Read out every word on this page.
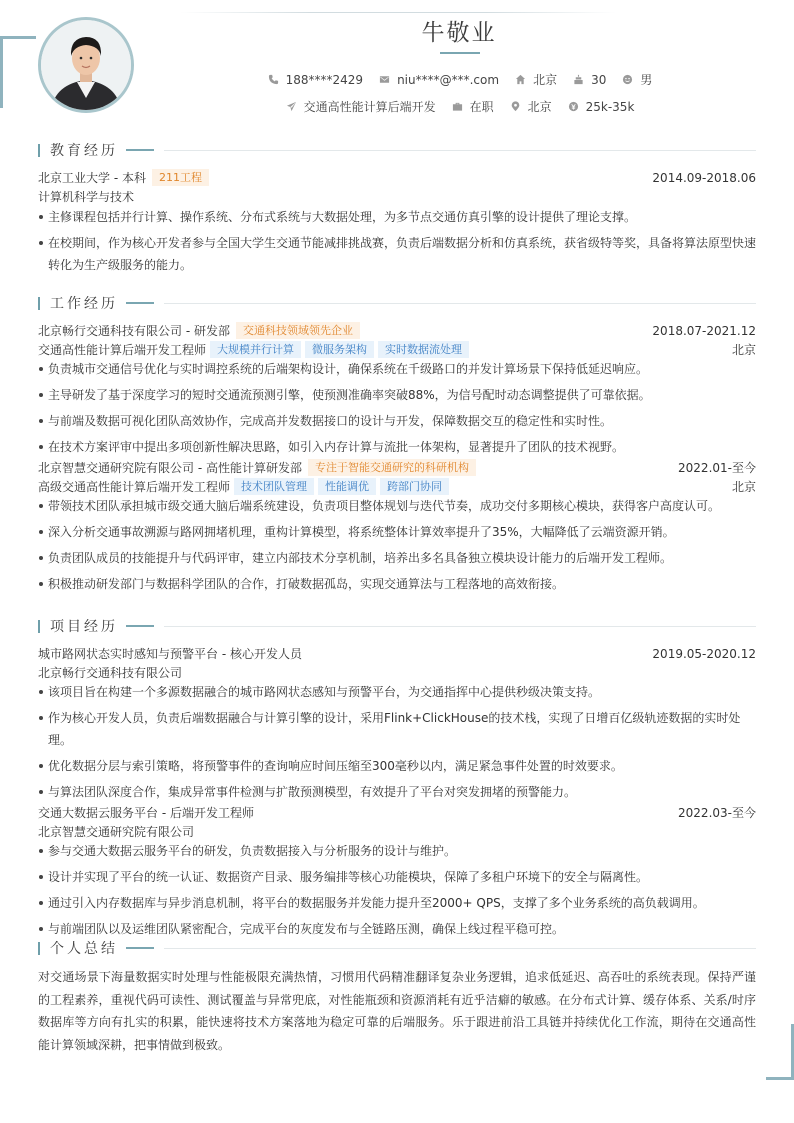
牛敬业
188****2429	niu****@***.com	北京	30	男
交通高性能计算后端开发	在职	北京	25k-35k
教育经历
北京工业大学 - 本科	211工程	2014.09-2018.06
计算机科学与技术
主修课程包括并行计算、操作系统、分布式系统与大数据处理，为多节点交通仿真引擎的设计提供了理论支撑。
在校期间，作为核心开发者参与全国大学生交通节能减排挑战赛，负责后端数据分析和仿真系统，获省级特等奖，具备将算法原型快速转化为生产级服务的能力。
工作经历
北京畅行交通科技有限公司 - 研发部	交通科技领域领先企业	2018.07-2021.12
交通高性能计算后端开发工程师	大规模并行计算	微服务架构	实时数据流处理	北京
负责城市交通信号优化与实时调控系统的后端架构设计，确保系统在千级路口的并发计算场景下保持低延迟响应。
主导研发了基于深度学习的短时交通流预测引擎，使预测准确率突破88%，为信号配时动态调整提供了可靠依据。
与前端及数据可视化团队高效协作，完成高并发数据接口的设计与开发，保障数据交互的稳定性和实时性。
在技术方案评审中提出多项创新性解决思路，如引入内存计算与流批一体架构，显著提升了团队的技术视野。
北京智慧交通研究院有限公司 - 高性能计算研发部	专注于智能交通研究的科研机构	2022.01-至今
高级交通高性能计算后端开发工程师	技术团队管理	性能调优	跨部门协同	北京
带领技术团队承担城市级交通大脑后端系统建设，负责项目整体规划与迭代节奏，成功交付多期核心模块，获得客户高度认可。
深入分析交通事故溯源与路网拥堵机理，重构计算模型，将系统整体计算效率提升了35%，大幅降低了云端资源开销。
负责团队成员的技能提升与代码评审，建立内部技术分享机制，培养出多名具备独立模块设计能力的后端开发工程师。
积极推动研发部门与数据科学团队的合作，打破数据孤岛，实现交通算法与工程落地的高效衔接。
项目经历
城市路网状态实时感知与预警平台 - 核心开发人员	2019.05-2020.12
北京畅行交通科技有限公司
该项目旨在构建一个多源数据融合的城市路网状态感知与预警平台，为交通指挥中心提供秒级决策支持。
作为核心开发人员，负责后端数据融合与计算引擎的设计，采用Flink+ClickHouse的技术栈，实现了日增百亿级轨迹数据的实时处理。
优化数据分层与索引策略，将预警事件的查询响应时间压缩至300毫秒以内，满足紧急事件处置的时效要求。
与算法团队深度合作，集成异常事件检测与扩散预测模型，有效提升了平台对突发拥堵的预警能力。
交通大数据云服务平台 - 后端开发工程师	2022.03-至今
北京智慧交通研究院有限公司
参与交通大数据云服务平台的研发，负责数据接入与分析服务的设计与维护。
设计并实现了平台的统一认证、数据资产目录、服务编排等核心功能模块，保障了多租户环境下的安全与隔离性。
通过引入内存数据库与异步消息机制，将平台的数据服务并发能力提升至2000+ QPS，支撑了多个业务系统的高负载调用。
与前端团队以及运维团队紧密配合，完成平台的灰度发布与全链路压测，确保上线过程平稳可控。
个人总结
对交通场景下海量数据实时处理与性能极限充满热情，习惯用代码精准翻译复杂业务逻辑，追求低延迟、高吞吐的系统表现。保持严谨的工程素养，重视代码可读性、测试覆盖与异常兜底，对性能瓶颈和资源消耗有近乎洁癖的敏感。在分布式计算、缓存体系、关系/时序数据库等方向有扎实的积累，能快速将技术方案落地为稳定可靠的后端服务。乐于跟进前沿工具链并持续优化工作流，期待在交通高性能计算领域深耕，把事情做到极致。
